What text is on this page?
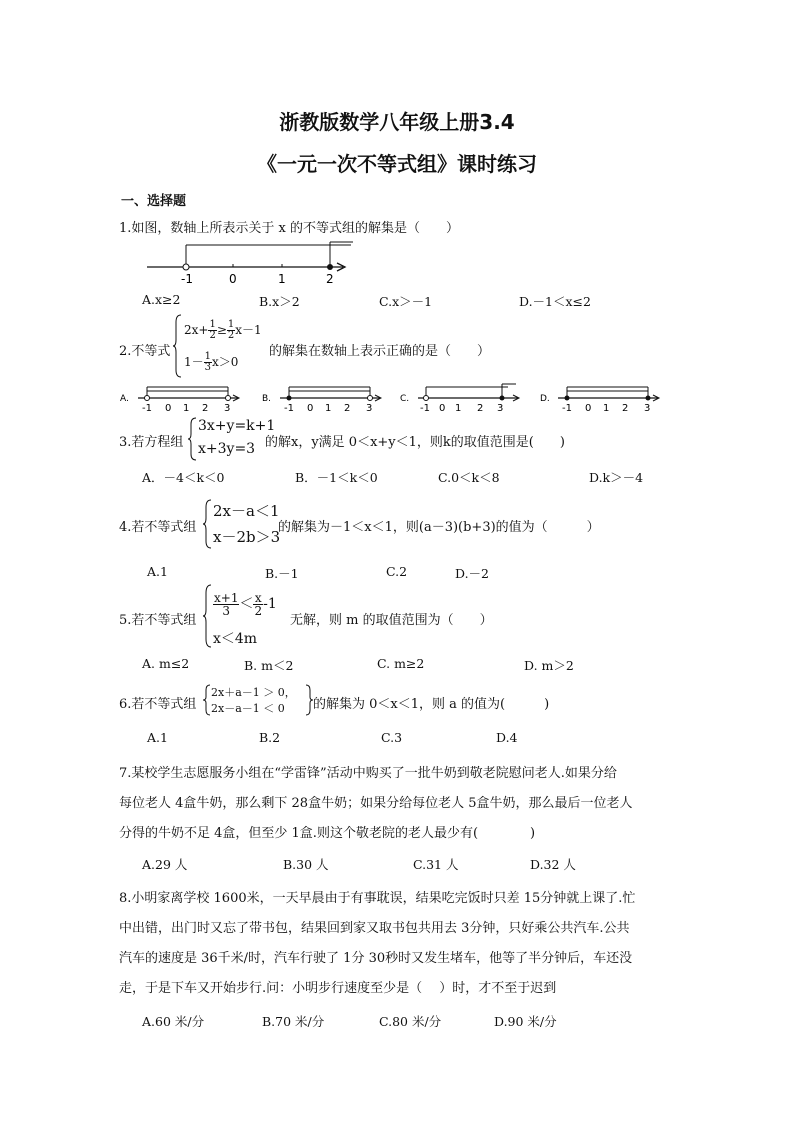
浙教版数学八年级上册3.4
《一元一次不等式组》课时练习
一、选择题
1.如图，数轴上所表示关于 x 的不等式组的解集是（　　）
-1	0	1	2
A.x≥2	B.x＞2	C.x＞－1	D.－1＜x≤2
2.不等式
$2x+ \frac{1}{2} \ge \frac{1}{2} x-1$
$1- \frac{1}{3} x>0$
的解集在数轴上表示正确的是（　　）
A.
-1 0 1 2 3
B.
-1 0 1 2 3
C.
-1 0 1 2 3
D.
-1 0 1 2 3
3.若方程组
3x+y=k+1
x+3y=3 的解x，y满足 0＜x+y＜1，则k的取值范围是(　　)
A．－4＜k＜0	B．－1＜k＜0	C.0＜k＜8	D.k＞－4
4.若不等式组
2x－a＜1
x－2b＞3
的解集为－1＜x＜1，则(a－3)(b+3)的值为（　　　）
A.1	B.－1	C.2	D.－2
5.若不等式组
$\frac{x+1}{3} < \frac{x}{2} -1$
x＜4m
无解，则 m 的取值范围为（　　）
A. m≤2	B. m＜2	C. m≥2	D. m＞2
6.若不等式组
2x＋a－1 ＞ 0，
2x－a－1 ＜ 0 的解集为 0＜x＜1，则 a 的值为(　　　)
A.1	B.2	C.3	D.4
7.某校学生志愿服务小组在“学雷锋”活动中购买了一批牛奶到敬老院慰问老人.如果分给
每位老人 4盒牛奶，那么剩下 28盒牛奶；如果分给每位老人 5盒牛奶，那么最后一位老人
分得的牛奶不足 4盒，但至少 1盒.则这个敬老院的老人最少有(　　　　)
A.29 人	B.30 人	C.31 人	D.32 人
8.小明家离学校 1600米，一天早晨由于有事耽误，结果吃完饭时只差 15分钟就上课了.忙
中出错，出门时又忘了带书包，结果回到家又取书包共用去 3分钟，只好乘公共汽车.公共
汽车的速度是 36千米/时，汽车行驶了 1分 30秒时又发生堵车，他等了半分钟后，车还没
走，于是下车又开始步行.问：小明步行速度至少是（　 ）时，才不至于迟到
A.60 米/分	B.70 米/分	C.80 米/分	D.90 米/分
